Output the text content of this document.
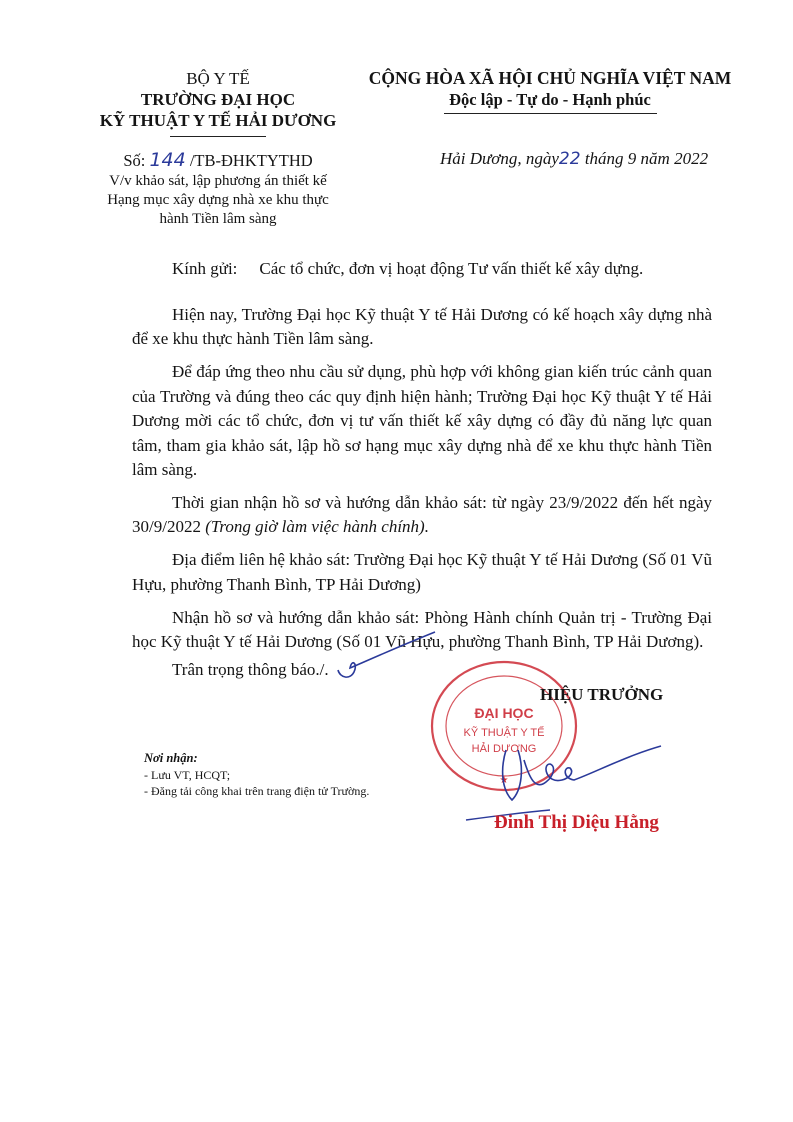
BỘ Y TẾ
TRƯỜNG ĐẠI HỌC
KỸ THUẬT Y TẾ HẢI DƯƠNG
CỘNG HÒA XÃ HỘI CHỦ NGHĨA VIỆT NAM
Độc lập - Tự do - Hạnh phúc
Số: 144 /TB-ĐHKTYTHD
V/v khảo sát, lập phương án thiết kế
Hạng mục xây dựng nhà xe khu thực
hành Tiền lâm sàng
Hải Dương, ngày22 tháng 9 năm 2022
Kính gửi: Các tổ chức, đơn vị hoạt động Tư vấn thiết kế xây dựng.

Hiện nay, Trường Đại học Kỹ thuật Y tế Hải Dương có kế hoạch xây dựng nhà để xe khu thực hành Tiền lâm sàng.

Để đáp ứng theo nhu cầu sử dụng, phù hợp với không gian kiến trúc cảnh quan của Trường và đúng theo các quy định hiện hành; Trường Đại học Kỹ thuật Y tế Hải Dương mời các tổ chức, đơn vị tư vấn thiết kế xây dựng có đầy đủ năng lực quan tâm, tham gia khảo sát, lập hồ sơ hạng mục xây dựng nhà để xe khu thực hành Tiền lâm sàng.

Thời gian nhận hồ sơ và hướng dẫn khảo sát: từ ngày 23/9/2022 đến hết ngày 30/9/2022 (Trong giờ làm việc hành chính).

Địa điểm liên hệ khảo sát: Trường Đại học Kỹ thuật Y tế Hải Dương (Số 01 Vũ Hựu, phường Thanh Bình, TP Hải Dương)

Nhận hồ sơ và hướng dẫn khảo sát: Phòng Hành chính Quản trị - Trường Đại học Kỹ thuật Y tế Hải Dương (Số 01 Vũ Hựu, phường Thanh Bình, TP Hải Dương).

Trân trọng thông báo./.
ĐẠI HỌC
KỸ THUẬT Y TẾ
HẢI DƯƠNG
★
HIỆU TRƯỞNG
Đinh Thị Diệu Hằng
Nơi nhận:
- Lưu VT, HCQT;
- Đăng tải công khai trên trang điện tử Trường.
